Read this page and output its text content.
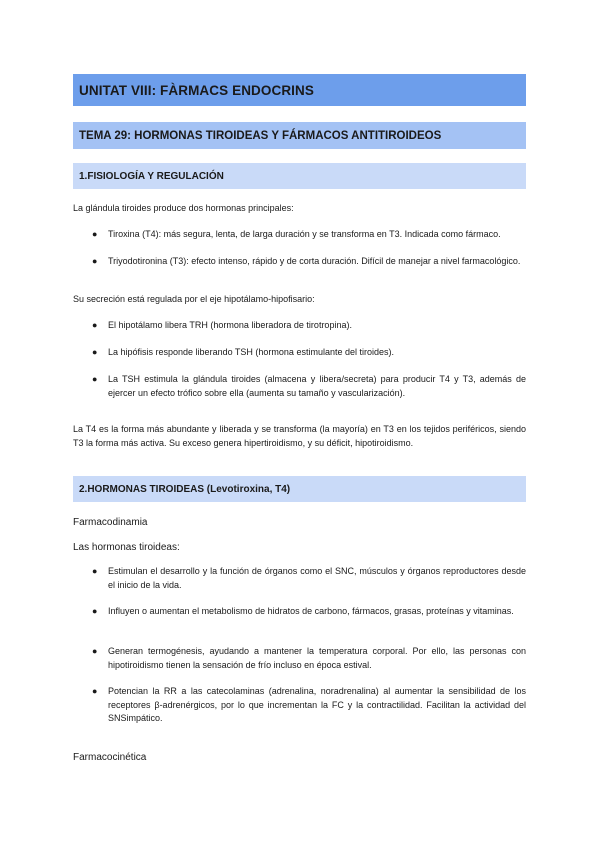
UNITAT VIII: FÀRMACS ENDOCRINS
TEMA 29: HORMONAS TIROIDEAS Y FÁRMACOS ANTITIROIDEOS
1.FISIOLOGÍA Y REGULACIÓN

La glándula tiroides produce dos hormonas principales:

● Tiroxina (T4): más segura, lenta, de larga duración y se transforma en T3. Indicada como fármaco.
● Triyodotironina (T3): efecto intenso, rápido y de corta duración. Difícil de manejar a nivel farmacológico.

Su secreción está regulada por el eje hipotálamo-hipofisario:

● El hipotálamo libera TRH (hormona liberadora de tirotropina).
● La hipófisis responde liberando TSH (hormona estimulante del tiroides).
● La TSH estimula la glándula tiroides (almacena y libera/secreta) para producir T4 y T3, además de ejercer un efecto trófico sobre ella (aumenta su tamaño y vascularización).

La T4 es la forma más abundante y liberada y se transforma (la mayoría) en T3 en los tejidos periféricos, siendo T3 la forma más activa. Su exceso genera hipertiroidismo, y su déficit, hipotiroidismo.

2.HORMONAS TIROIDEAS (Levotiroxina, T4)

Farmacodinamia

Las hormonas tiroideas:

● Estimulan el desarrollo y la función de órganos como el SNC, músculos y órganos reproductores desde el inicio de la vida.
● Influyen o aumentan el metabolismo de hidratos de carbono, fármacos, grasas, proteínas y vitaminas.
● Generan termogénesis, ayudando a mantener la temperatura corporal. Por ello, las personas con hipotiroidismo tienen la sensación de frío incluso en época estival.
● Potencian la RR a las catecolaminas (adrenalina, noradrenalina) al aumentar la sensibilidad de los receptores β-adrenérgicos, por lo que incrementan la FC y la contractilidad. Facilitan la actividad del SNSimpático.

Farmacocinética
